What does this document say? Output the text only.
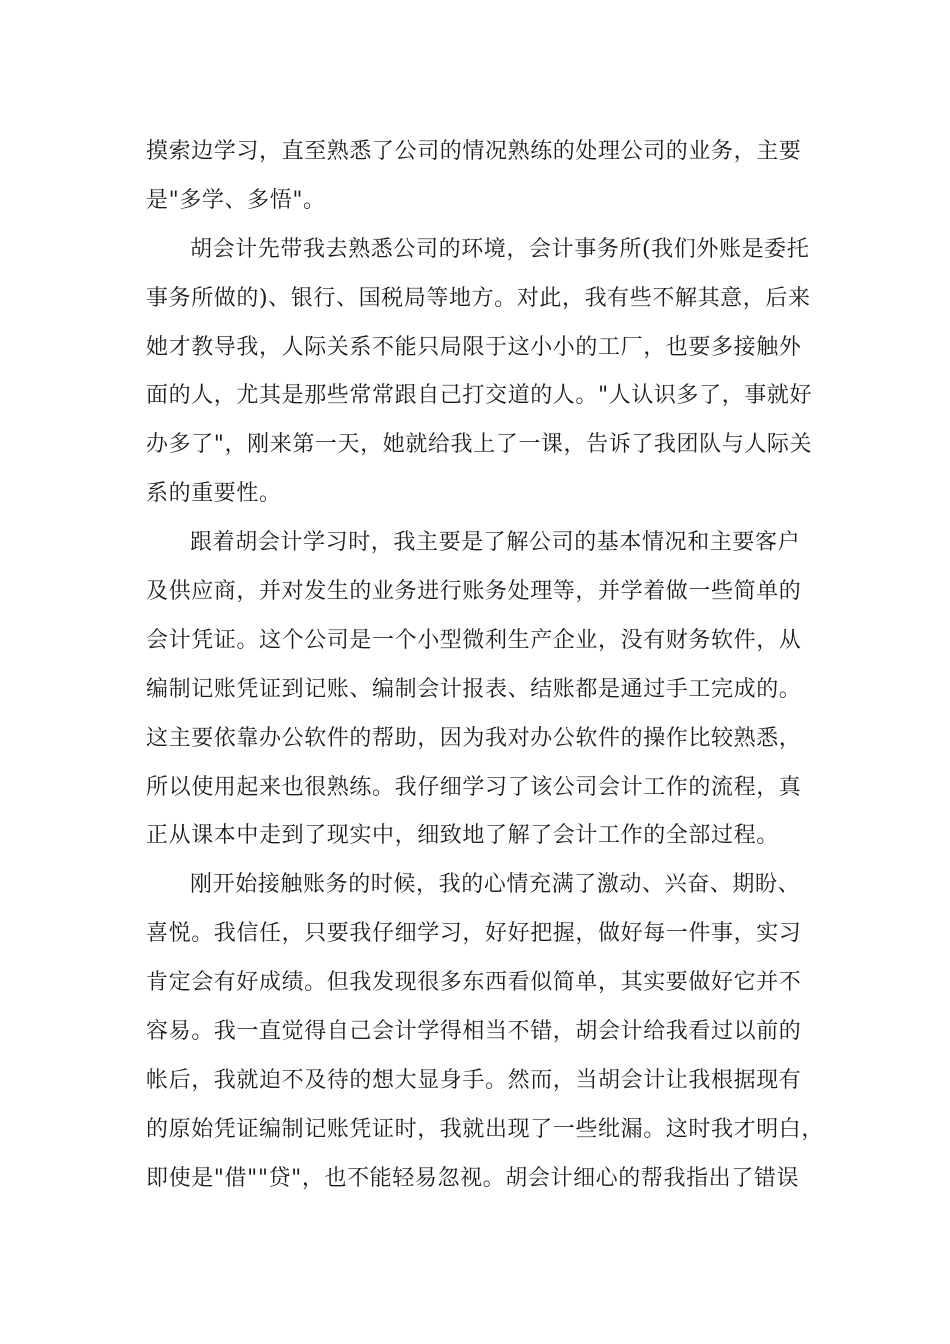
摸索边学习，直至熟悉了公司的情况熟练的处理公司的业务，主要
是"多学、多悟"。
胡会计先带我去熟悉公司的环境，会计事务所(我们外账是委托
事务所做的)、银行、国税局等地方。对此，我有些不解其意，后来
她才教导我，人际关系不能只局限于这小小的工厂，也要多接触外
面的人，尤其是那些常常跟自己打交道的人。"人认识多了，事就好
办多了"，刚来第一天，她就给我上了一课，告诉了我团队与人际关
系的重要性。
跟着胡会计学习时，我主要是了解公司的基本情况和主要客户
及供应商，并对发生的业务进行账务处理等，并学着做一些简单的
会计凭证。这个公司是一个小型微利生产企业，没有财务软件，从
编制记账凭证到记账、编制会计报表、结账都是通过手工完成的。
这主要依靠办公软件的帮助，因为我对办公软件的操作比较熟悉，
所以使用起来也很熟练。我仔细学习了该公司会计工作的流程，真
正从课本中走到了现实中，细致地了解了会计工作的全部过程。
刚开始接触账务的时候，我的心情充满了激动、兴奋、期盼、
喜悦。我信任，只要我仔细学习，好好把握，做好每一件事，实习
肯定会有好成绩。但我发现很多东西看似简单，其实要做好它并不
容易。我一直觉得自己会计学得相当不错，胡会计给我看过以前的
帐后，我就迫不及待的想大显身手。然而，当胡会计让我根据现有
的原始凭证编制记账凭证时，我就出现了一些纰漏。这时我才明白，
即使是"借""贷"，也不能轻易忽视。胡会计细心的帮我指出了错误
